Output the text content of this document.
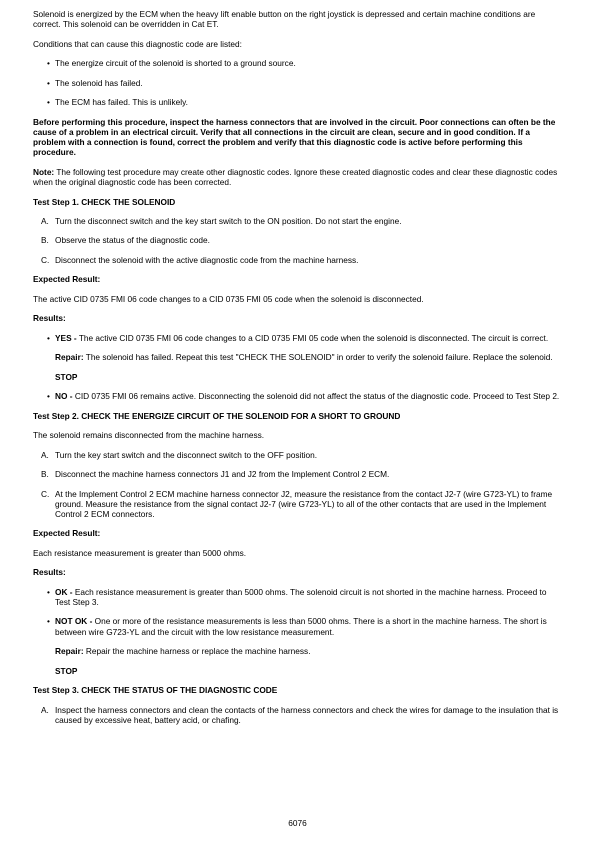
Solenoid is energized by the ECM when the heavy lift enable button on the right joystick is depressed and certain machine conditions are correct. This solenoid can be overridden in Cat ET.

Conditions that can cause this diagnostic code are listed:

• The energize circuit of the solenoid is shorted to a ground source.
• The solenoid has failed.
• The ECM has failed. This is unlikely.

Before performing this procedure, inspect the harness connectors that are involved in the circuit. Poor connections can often be the cause of a problem in an electrical circuit. Verify that all connections in the circuit are clean, secure and in good condition. If a problem with a connection is found, correct the problem and verify that this diagnostic code is active before performing this procedure.

Note: The following test procedure may create other diagnostic codes. Ignore these created diagnostic codes and clear these diagnostic codes when the original diagnostic code has been corrected.

Test Step 1. CHECK THE SOLENOID
A. Turn the disconnect switch and the key start switch to the ON position. Do not start the engine.
B. Observe the status of the diagnostic code.
C. Disconnect the solenoid with the active diagnostic code from the machine harness.
Expected Result:

The active CID 0735 FMI 06 code changes to a CID 0735 FMI 05 code when the solenoid is disconnected.

Results:
• YES - The active CID 0735 FMI 06 code changes to a CID 0735 FMI 05 code when the solenoid is disconnected. The circuit is correct.

Repair: The solenoid has failed. Repeat this test "CHECK THE SOLENOID" in order to verify the solenoid failure. Replace the solenoid.

STOP

• NO - CID 0735 FMI 06 remains active. Disconnecting the solenoid did not affect the status of the diagnostic code. Proceed to Test Step 2.
Test Step 2. CHECK THE ENERGIZE CIRCUIT OF THE SOLENOID FOR A SHORT TO GROUND

The solenoid remains disconnected from the machine harness.

A. Turn the key start switch and the disconnect switch to the OFF position.
B. Disconnect the machine harness connectors J1 and J2 from the Implement Control 2 ECM.
C. At the Implement Control 2 ECM machine harness connector J2, measure the resistance from the contact J2-7 (wire G723-YL) to frame ground. Measure the resistance from the signal contact J2-7 (wire G723-YL) to all of the other contacts that are used in the Implement Control 2 ECM connectors.
Expected Result:

Each resistance measurement is greater than 5000 ohms.

Results:
• OK - Each resistance measurement is greater than 5000 ohms. The solenoid circuit is not shorted in the machine harness. Proceed to Test Step 3.
• NOT OK - One or more of the resistance measurements is less than 5000 ohms. There is a short in the machine harness. The short is between wire G723-YL and the circuit with the low resistance measurement.

Repair: Repair the machine harness or replace the machine harness.

STOP

Test Step 3. CHECK THE STATUS OF THE DIAGNOSTIC CODE
A. Inspect the harness connectors and clean the contacts of the harness connectors and check the wires for damage to the insulation that is caused by excessive heat, battery acid, or chafing.
6076
